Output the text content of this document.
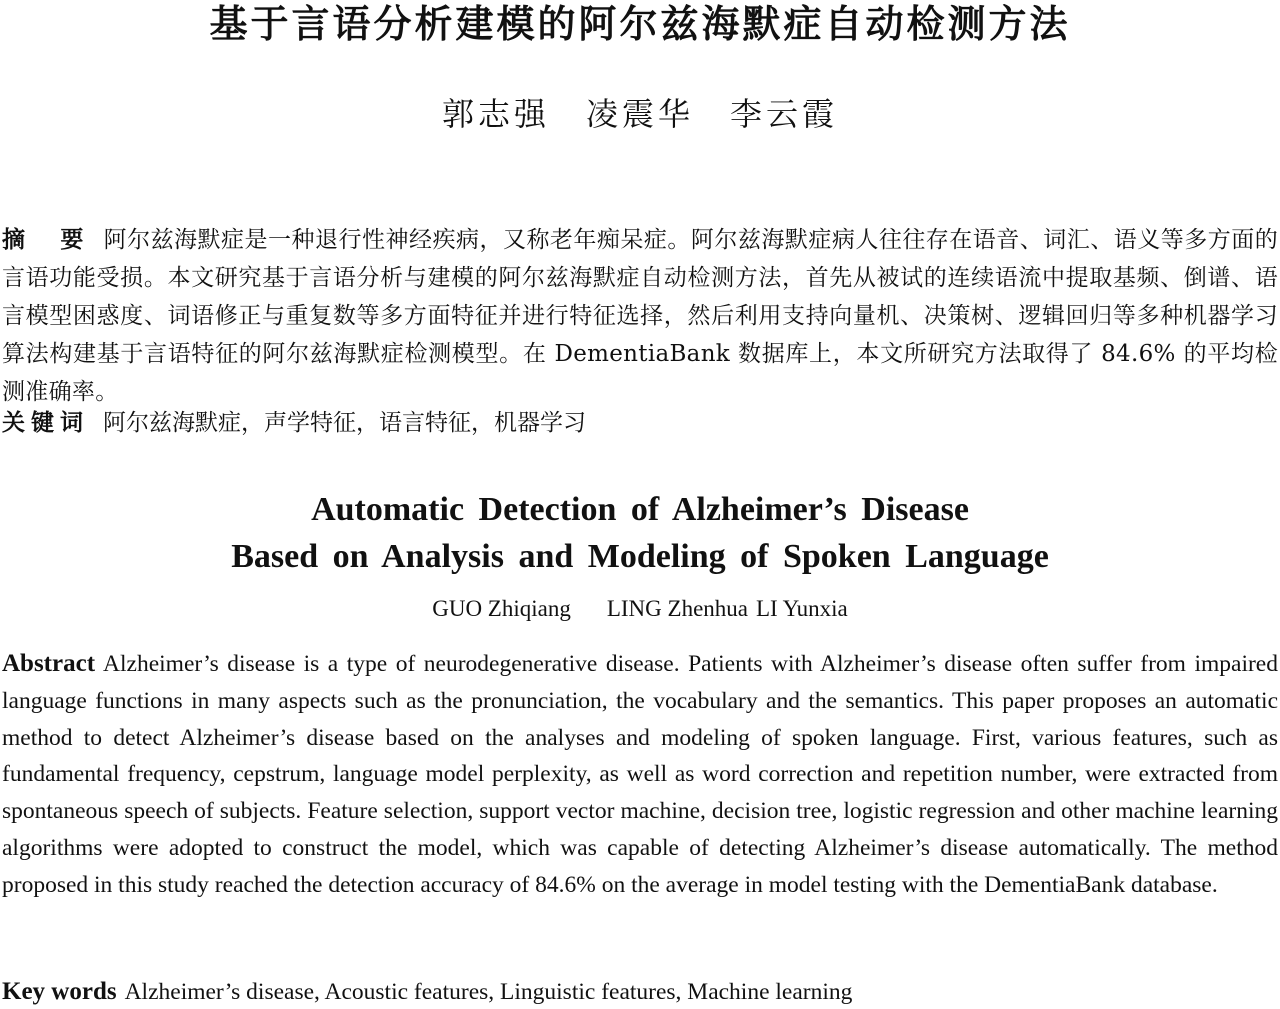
基于言语分析建模的阿尔兹海默症自动检测方法
郭志强 凌震华 李云霞
摘　要 阿尔兹海默症是一种退行性神经疾病，又称老年痴呆症。阿尔兹海默症病人往往存在语音、词汇、语义等多方面的言语功能受损。本文研究基于言语分析与建模的阿尔兹海默症自动检测方法，首先从被试的连续语流中提取基频、倒谱、语言模型困惑度、词语修正与重复数等多方面特征并进行特征选择，然后利用支持向量机、决策树、逻辑回归等多种机器学习算法构建基于言语特征的阿尔兹海默症检测模型。在 DementiaBank 数据库上，本文所研究方法取得了 84.6% 的平均检测准确率。
关键词 阿尔兹海默症，声学特征，语言特征，机器学习
Automatic Detection of Alzheimer’s Disease
Based on Analysis and Modeling of Spoken Language
GUO Zhiqiang LING Zhenhua LI Yunxia
Abstract Alzheimer’s disease is a type of neurodegenerative disease. Patients with Alzheimer’s disease often suffer from impaired language functions in many aspects such as the pronunciation, the vocabulary and the semantics. This paper proposes an automatic method to detect Alzheimer’s disease based on the analyses and modeling of spoken language. First, various features, such as fundamental frequency, cepstrum, language model perplexity, as well as word correction and repetition number, were extracted from spontaneous speech of subjects. Feature selection, support vector machine, decision tree, logistic regression and other machine learning algorithms were adopted to construct the model, which was capable of detecting Alzheimer’s disease automatically. The method proposed in this study reached the detection accuracy of 84.6% on the average in model testing with the DementiaBank database.
Key words Alzheimer’s disease, Acoustic features, Linguistic features, Machine learning
